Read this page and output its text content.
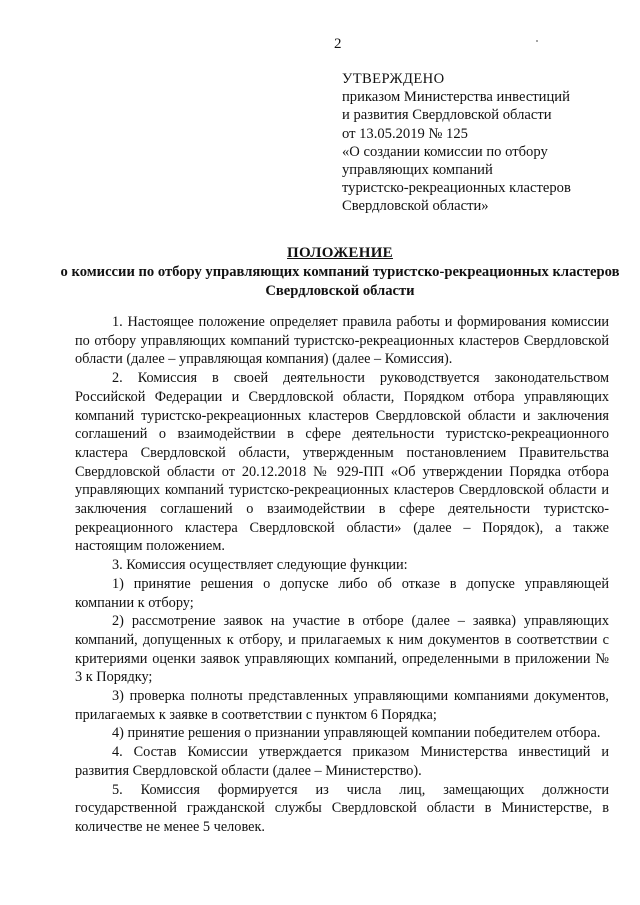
2
УТВЕРЖДЕНО
приказом Министерства инвестиций
и развития Свердловской области
от 13.05.2019 № 125
«О создании комиссии по отбору
управляющих компаний
туристско-рекреационных кластеров
Свердловской области»
ПОЛОЖЕНИЕ
о комиссии по отбору управляющих компаний туристско-рекреационных кластеров Свердловской области

1. Настоящее положение определяет правила работы и формирования комиссии по отбору управляющих компаний туристско-рекреационных кластеров Свердловской области (далее – управляющая компания) (далее – Комиссия).

2. Комиссия в своей деятельности руководствуется законодательством Российской Федерации и Свердловской области, Порядком отбора управляющих компаний туристско-рекреационных кластеров Свердловской области и заключения соглашений о взаимодействии в сфере деятельности туристско-рекреационного кластера Свердловской области, утвержденным постановлением Правительства Свердловской области от 20.12.2018 № 929-ПП «Об утверждении Порядка отбора управляющих компаний туристско-рекреационных кластеров Свердловской области и заключения соглашений о взаимодействии в сфере деятельности туристско-рекреационного кластера Свердловской области» (далее – Порядок), а также настоящим положением.

3. Комиссия осуществляет следующие функции:

1) принятие решения о допуске либо об отказе в допуске управляющей компании к отбору;

2) рассмотрение заявок на участие в отборе (далее – заявка) управляющих компаний, допущенных к отбору, и прилагаемых к ним документов в соответствии с критериями оценки заявок управляющих компаний, определенными в приложении № 3 к Порядку;

3) проверка полноты представленных управляющими компаниями документов, прилагаемых к заявке в соответствии с пунктом 6 Порядка;

4) принятие решения о признании управляющей компании победителем отбора.

4. Состав Комиссии утверждается приказом Министерства инвестиций и развития Свердловской области (далее – Министерство).

5. Комиссия формируется из числа лиц, замещающих должности государственной гражданской службы Свердловской области в Министерстве, в количестве не менее 5 человек.
